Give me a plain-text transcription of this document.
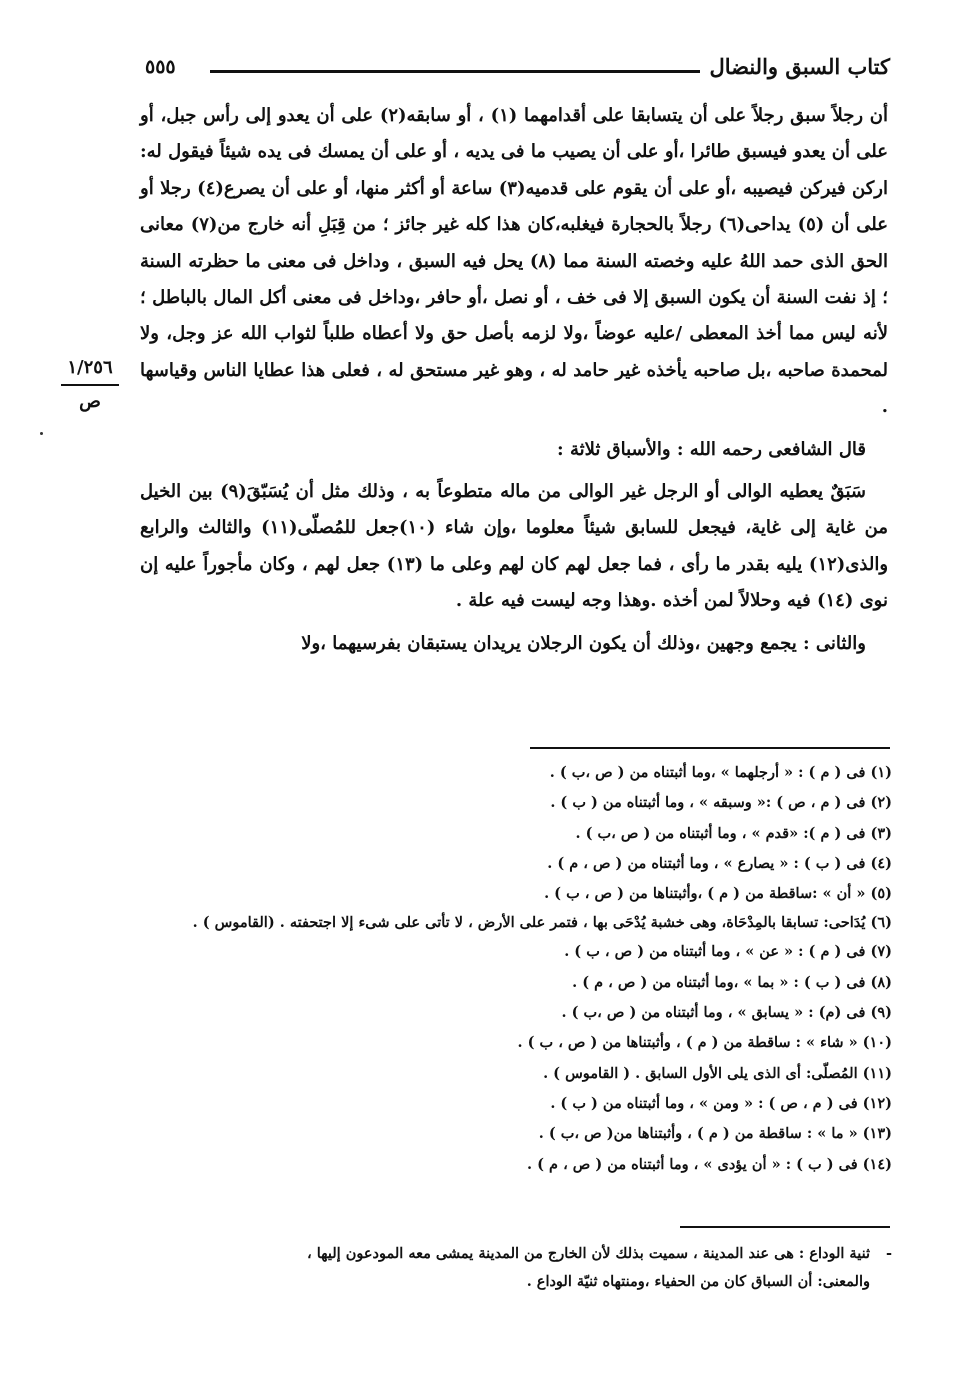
كتاب السبق والنضال
٥٥٥
١/٢٥٦
ص

أن رجلاً سبق رجلاً على أن يتسابقا على أقدامهما (١) ، أو سابقه(٢) على أن يعدو إلى رأس جبل، أو على أن يعدو فيسبق طائرا ،أو على أن يصيب ما فى يديه ، أو على أن يمسك فى يده شيئاً فيقول له: اركن فيركن فيصيبه ،أو على أن يقوم على قدميه(٣) ساعة أو أكثر منها، أو على أن يصرع(٤) رجلا أو على أن (٥) يداحى(٦) رجلاً بالحجارة فيغلبه،كان هذا كله غير جائز ؛ من قِبَلِ أنه خارج من(٧) معانى الحق الذى حمد اللهُ عليه وخصته السنة مما (٨) يحل فيه السبق ، وداخل فى معنى ما حظرته السنة ؛ إذ نفت السنة أن يكون السبق إلا فى خف ، أو نصل ،أو حافر ،وداخل فى معنى أكل المال بالباطل ؛ لأنه ليس مما أخذ المعطى /عليه عوضاً ،ولا لزمه بأصل حق ولا أعطاه طلباً لثواب الله عز وجل، ولا لمحمدة صاحبه ،بل صاحبه يأخذه غير حامد له ، وهو غير مستحق له ، فعلى هذا عطايا الناس وقياسها .

قال الشافعى رحمه الله : والأسباق ثلاثة :

سَبَقٌ يعطيه الوالى أو الرجل غير الوالى من ماله متطوعاً به ، وذلك مثل أن يُسَبّقَ(٩) بين الخيل من غاية إلى غاية، فيجعل للسابق شيئاً معلوما ،وإن شاء (١٠)جعل للمُصلّى(١١) والثالث والرابع والذى(١٢) يليه بقدر ما رأى ، فما جعل لهم كان لهم وعلى ما (١٣) جعل لهم ، وكان مأجوراً عليه إن نوى (١٤) فيه وحلالاً لمن أخذه .وهذا وجه ليست فيه علة .

والثانى : يجمع وجهين ،وذلك أن يكون الرجلان يريدان يستبقان بفرسيهما ،ولا

(١) فى ( م ) : « أرجلهما » ،وما أثبتناه من ( ص ،ب ) .
(٢) فى ( م ، ص ) :« وسبقه » ، وما أثبتناه من ( ب ) .
(٣) فى ( م ): «قدم » ، وما أثبتناه من ( ص ،ب ) .
(٤) فى ( ب ) : « يصارع » ، وما أثبتناه من ( ص ، م ) .
(٥) « أن » :ساقطة من ( م ) ،وأثبتناها من ( ص ، ب ) .
(٦) يُدَاحى: تسابقا بالمِدْحَاة، وهى خشبة يُدْحَى بها ، فتمر على الأرض ، لا تأتى على شىء إلا اجتحفته . (القاموس ) .
(٧) فى ( م ) : « عن » ، وما أثبتناه من ( ص ، ب ) .
(٨) فى ( ب ) : « بما » ،وما أثبتناه من ( ص ، م ) .
(٩) فى (م) : « يسابق » ، وما أثبتناه من ( ص ،ب ) .
(١٠) « شاء » : ساقطة من ( م ) ، وأثبتناها من ( ص ، ب ) .
(١١) المُصلّى: أى الذى يلى الأول السابق . ( القاموس ) .
(١٢) فى ( م ، ص ) : « ومن » ، وما أثبتناه من ( ب ) .
(١٣) « ما » : ساقطة من ( م ) ، وأثبتناها من( ص ،ب ) .
(١٤) فى ( ب ) : « أن يؤدى » ، وما أثبتناه من ( ص ، م ) .
-ثنية الوداع : هى عند المدينة ، سميت بذلك لأن الخارج من المدينة يمشى معه المودعون إليها ،
والمعنى: أن السباق كان من الحفياء ،ومنتهاه ثنيّة الوداع .
